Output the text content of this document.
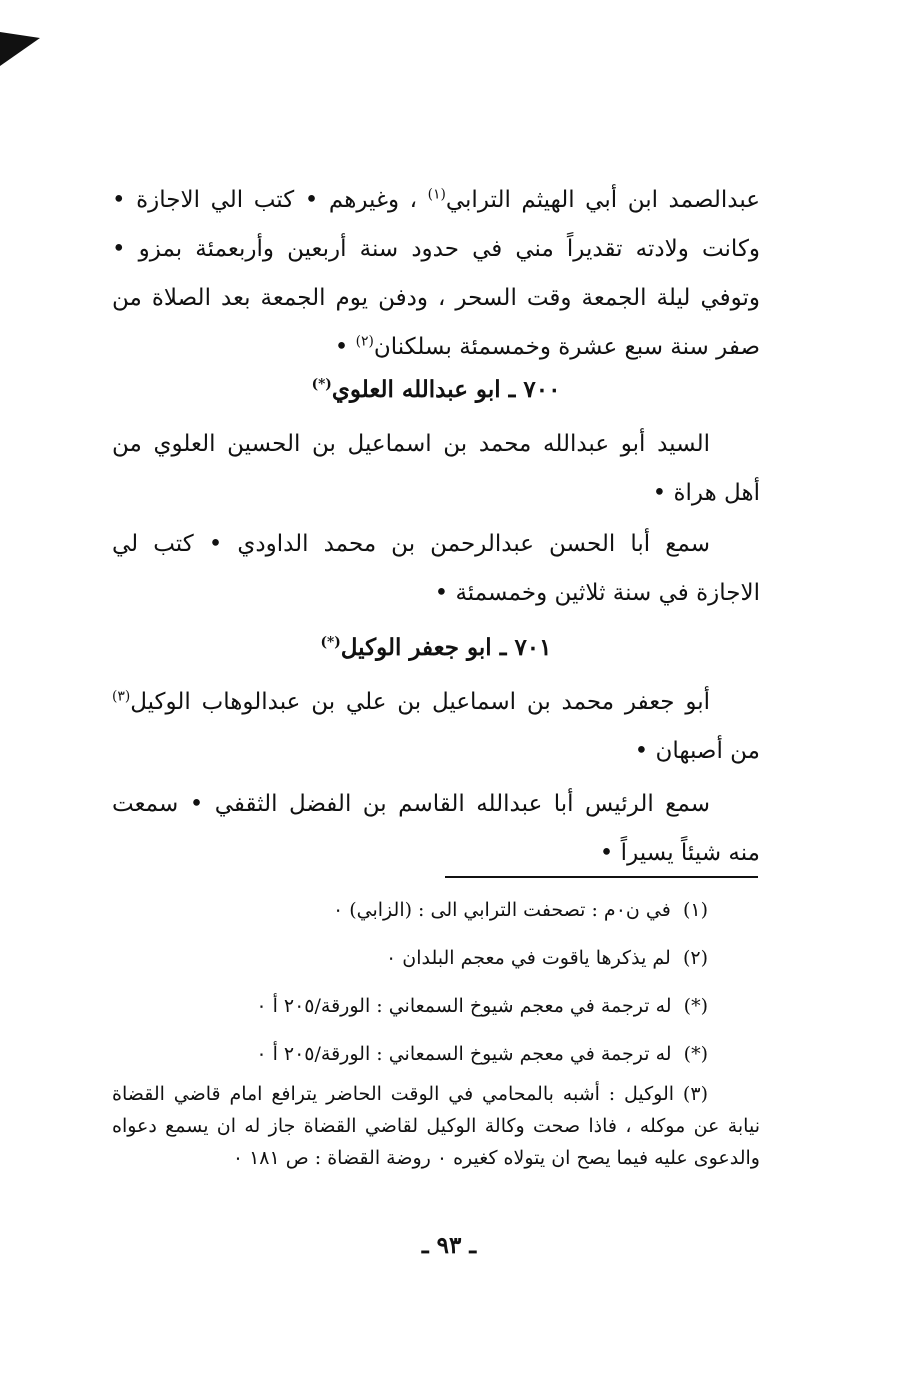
عبدالصمد ابن أبي الهيثم الترابي$^{(١)}$ ، وغيرهم • كتب الي الاجازة • وكانت ولادته تقديراً مني في حدود سنة أربعين وأربعمئة بمزو • وتوفي ليلة الجمعة وقت السحر ، ودفن يوم الجمعة بعد الصلاة من صفر سنة سبع عشرة وخمسمئة بسلكنان$^{(٢)}$ •
٧٠٠ ـ ابو عبدالله العلوي(*)
السيد أبو عبدالله محمد بن اسماعيل بن الحسين العلوي من أهل هراة •
سمع أبا الحسن عبدالرحمن بن محمد الداودي • كتب لي الاجازة في سنة ثلاثين وخمسمئة •
٧٠١ ـ ابو جعفر الوكيل(*)
أبو جعفر محمد بن اسماعيل بن علي بن عبدالوهاب الوكيل$^{(٣)}$ من أصبهان •
سمع الرئيس أبا عبدالله القاسم بن الفضل الثقفي • سمعت منه شيئاً يسيراً •
(١)  في ن٠م : تصحفت الترابي الى : (الزابي) ٠
(٢)  لم يذكرها ياقوت في معجم البلدان ٠
(*)  له ترجمة في معجم شيوخ السمعاني : الورقة/٢٠٥ أ ٠
(*)  له ترجمة في معجم شيوخ السمعاني : الورقة/٢٠٥ أ ٠
(٣) الوكيل : أشبه بالمحامي في الوقت الحاضر يترافع امام قاضي القضاة نيابة عن موكله ، فاذا صحت وكالة الوكيل لقاضي القضاة جاز له ان يسمع دعواه والدعوى عليه فيما يصح ان يتولاه كغيره ٠ روضة القضاة : ص ١٨١ ٠
ـ ٩٣ ـ
